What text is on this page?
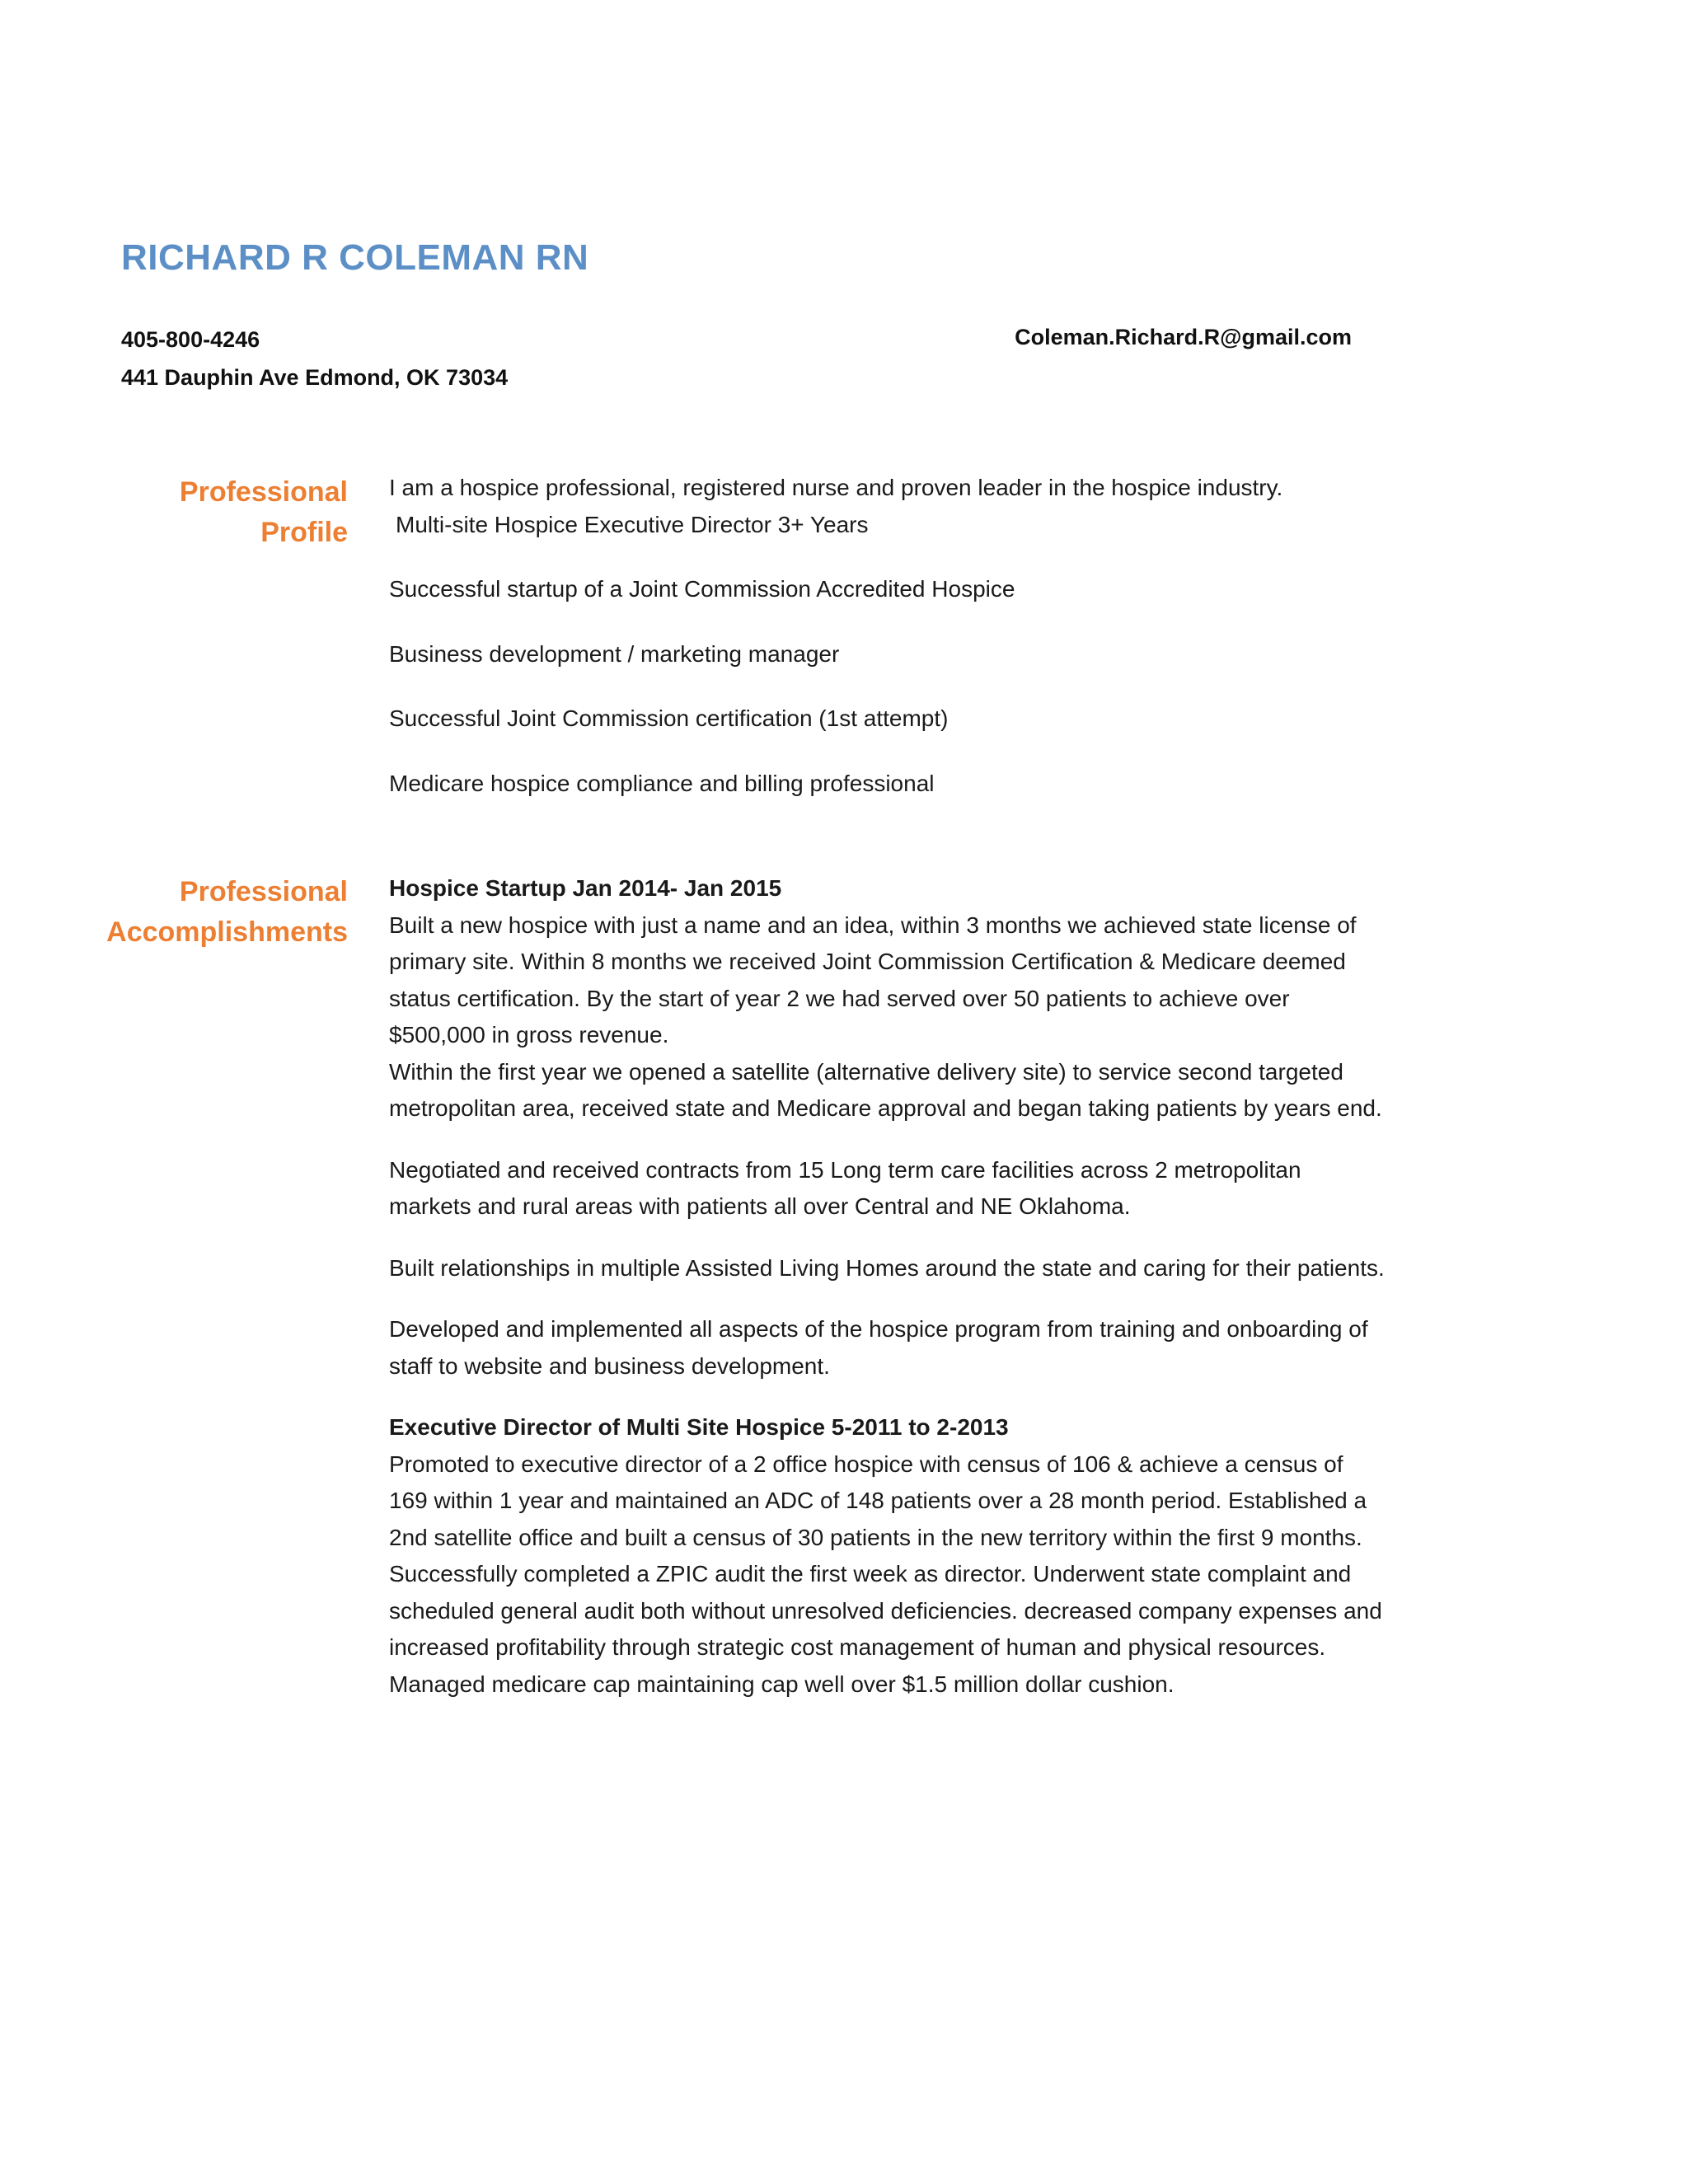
RICHARD R COLEMAN RN
405-800-4246
441 Dauphin Ave Edmond, OK 73034
Coleman.Richard.R@gmail.com
Professional
Profile

I am a hospice professional, registered nurse and proven leader in the hospice industry.

Multi-site Hospice Executive Director 3+ Years

Successful startup of a Joint Commission Accredited Hospice

Business development / marketing manager

Successful Joint Commission certification (1st attempt)

Medicare hospice compliance and billing professional

Professional
Accomplishments
Hospice Startup Jan 2014- Jan 2015

Built a new hospice with just a name and an idea, within 3 months we achieved state license of primary site. Within 8 months we received Joint Commission Certification & Medicare deemed status certification. By the start of year 2 we had served over 50 patients to achieve over $500,000 in gross revenue.

Within the first year we opened a satellite (alternative delivery site) to service second targeted metropolitan area, received state and Medicare approval and began taking patients by years end.

Negotiated and received contracts from 15 Long term care facilities across 2 metropolitan markets and rural areas with patients all over Central and NE Oklahoma.

Built relationships in multiple Assisted Living Homes around the state and caring for their patients.

Developed and implemented all aspects of the hospice program from training and onboarding of staff to website and business development.

Executive Director of Multi Site Hospice 5-2011 to 2-2013

Promoted to executive director of a 2 office hospice with census of 106 & achieve a census of 169 within 1 year and maintained an ADC of 148 patients over a 28 month period. Established a 2nd satellite office and built a census of 30 patients in the new territory within the first 9 months. Successfully completed a ZPIC audit the first week as director. Underwent state complaint and scheduled general audit both without unresolved deficiencies. decreased company expenses and increased profitability through strategic cost management of human and physical resources. Managed medicare cap maintaining cap well over $1.5 million dollar cushion.
